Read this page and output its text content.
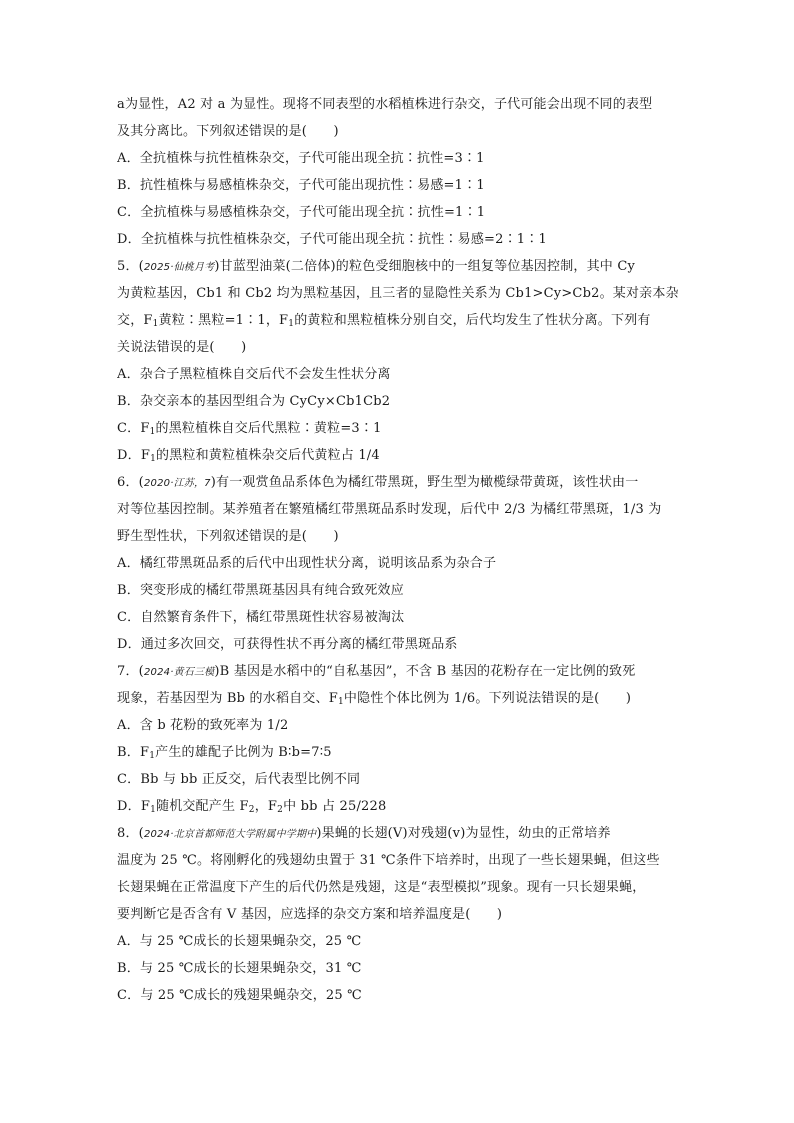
a为显性，A2 对 a 为显性。现将不同表型的水稻植株进行杂交，子代可能会出现不同的表型
及其分离比。下列叙述错误的是(　　)
A．全抗植株与抗性植株杂交，子代可能出现全抗∶抗性=3∶1
B．抗性植株与易感植株杂交，子代可能出现抗性∶易感=1∶1
C．全抗植株与易感植株杂交，子代可能出现全抗∶抗性=1∶1
D．全抗植株与抗性植株杂交，子代可能出现全抗∶抗性∶易感=2∶1∶1
5．(2025·仙桃月考)甘蓝型油菜(二倍体)的粒色受细胞核中的一组复等位基因控制，其中 Cy
为黄粒基因，Cb1 和 Cb2 均为黑粒基因，且三者的显隐性关系为 Cb1>Cy>Cb2。某对亲本杂
交，$F_1$黄粒∶黑粒=1∶1，$F_1$的黄粒和黑粒植株分别自交，后代均发生了性状分离。下列有
关说法错误的是(　　)
A．杂合子黑粒植株自交后代不会发生性状分离
B．杂交亲本的基因型组合为 CyCy×Cb1Cb2
C．$F_1$的黑粒植株自交后代黑粒∶黄粒=3∶1
D．$F_1$的黑粒和黄粒植株杂交后代黄粒占 1/4
6．(2020·江苏，7)有一观赏鱼品系体色为橘红带黑斑，野生型为橄榄绿带黄斑，该性状由一
对等位基因控制。某养殖者在繁殖橘红带黑斑品系时发现，后代中 2/3 为橘红带黑斑，1/3 为
野生型性状，下列叙述错误的是(　　)
A．橘红带黑斑品系的后代中出现性状分离，说明该品系为杂合子
B．突变形成的橘红带黑斑基因具有纯合致死效应
C．自然繁育条件下，橘红带黑斑性状容易被淘汰
D．通过多次回交，可获得性状不再分离的橘红带黑斑品系
7．(2024·黄石三模)B 基因是水稻中的“自私基因”，不含 B 基因的花粉存在一定比例的致死
现象，若基因型为 Bb 的水稻自交、$F_1$中隐性个体比例为 1/6。下列说法错误的是(　　)
A．含 b 花粉的致死率为 1/2
B．$F_1$产生的雄配子比例为 B∶b=7∶5
C．Bb 与 bb 正反交，后代表型比例不同
D．$F_1$随机交配产生 $F_2$，$F_2$中 bb 占 25/228
8．(2024·北京首都师范大学附属中学期中)果蝇的长翅(V)对残翅(v)为显性，幼虫的正常培养
温度为 25 ℃。将刚孵化的残翅幼虫置于 31 ℃条件下培养时，出现了一些长翅果蝇，但这些
长翅果蝇在正常温度下产生的后代仍然是残翅，这是“表型模拟”现象。现有一只长翅果蝇，
要判断它是否含有 V 基因，应选择的杂交方案和培养温度是(　　)
A．与 25 ℃成长的长翅果蝇杂交，25 ℃
B．与 25 ℃成长的长翅果蝇杂交，31 ℃
C．与 25 ℃成长的残翅果蝇杂交，25 ℃
